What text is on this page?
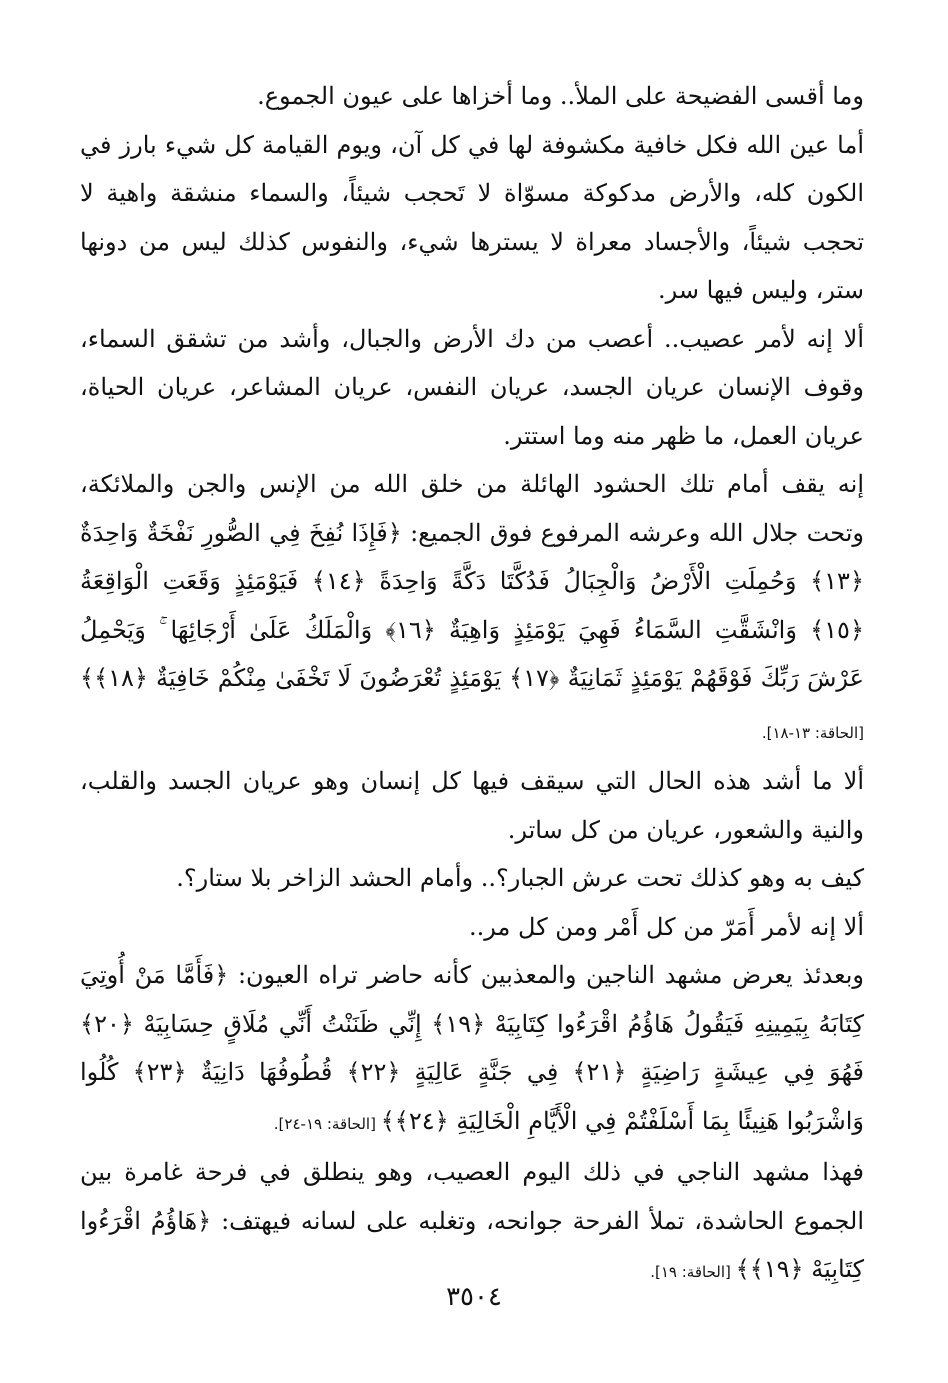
وما أقسى الفضيحة على الملأ.. وما أخزاها على عيون الجموع.

أما عين الله فكل خافية مكشوفة لها في كل آن، ويوم القيامة كل شيء بارز في الكون كله، والأرض مدكوكة مسوّاة لا تَحجب شيئاً، والسماء منشقة واهية لا تحجب شيئاً، والأجساد معراة لا يسترها شيء، والنفوس كذلك ليس من دونها ستر، وليس فيها سر.

ألا إنه لأمر عصيب.. أعصب من دك الأرض والجبال، وأشد من تشقق السماء، وقوف الإنسان عريان الجسد، عريان النفس، عريان المشاعر، عريان الحياة، عريان العمل، ما ظهر منه وما استتر.

إنه يقف أمام تلك الحشود الهائلة من خلق الله من الإنس والجن والملائكة، وتحت جلال الله وعرشه المرفوع فوق الجميع: ﴿فَإِذَا نُفِخَ فِي الصُّورِ نَفْخَةٌ وَاحِدَةٌ ﴿١٣﴾ وَحُمِلَتِ الْأَرْضُ وَالْجِبَالُ فَدُكَّتَا دَكَّةً وَاحِدَةً ﴿١٤﴾ فَيَوْمَئِذٍ وَقَعَتِ الْوَاقِعَةُ ﴿١٥﴾ وَانْشَقَّتِ السَّمَاءُ فَهِيَ يَوْمَئِذٍ وَاهِيَةٌ ﴿١٦﴾ وَالْمَلَكُ عَلَىٰ أَرْجَائِهَا ۚ وَيَحْمِلُ عَرْشَ رَبِّكَ فَوْقَهُمْ يَوْمَئِذٍ ثَمَانِيَةٌ ﴿١٧﴾ يَوْمَئِذٍ تُعْرَضُونَ لَا تَخْفَىٰ مِنْكُمْ خَافِيَةٌ ﴿١٨﴾﴾ [الحاقة: ١٣-١٨].

ألا ما أشد هذه الحال التي سيقف فيها كل إنسان وهو عريان الجسد والقلب، والنية والشعور، عريان من كل ساتر.

كيف به وهو كذلك تحت عرش الجبار؟.. وأمام الحشد الزاخر بلا ستار؟.

ألا إنه لأمر أَمَرّ من كل أَمْر ومن كل مر..

وبعدئذ يعرض مشهد الناجين والمعذبين كأنه حاضر تراه العيون: ﴿فَأَمَّا مَنْ أُوتِيَ كِتَابَهُ بِيَمِينِهِ فَيَقُولُ هَاؤُمُ اقْرَءُوا كِتَابِيَهْ ﴿١٩﴾ إِنِّي ظَنَنْتُ أَنِّي مُلَاقٍ حِسَابِيَهْ ﴿٢٠﴾ فَهُوَ فِي عِيشَةٍ رَاضِيَةٍ ﴿٢١﴾ فِي جَنَّةٍ عَالِيَةٍ ﴿٢٢﴾ قُطُوفُهَا دَانِيَةٌ ﴿٢٣﴾ كُلُوا وَاشْرَبُوا هَنِيئًا بِمَا أَسْلَفْتُمْ فِي الْأَيَّامِ الْخَالِيَةِ ﴿٢٤﴾﴾ [الحاقة: ١٩-٢٤].

فهذا مشهد الناجي في ذلك اليوم العصيب، وهو ينطلق في فرحة غامرة بين الجموع الحاشدة، تملأ الفرحة جوانحه، وتغلبه على لسانه فيهتف: ﴿هَاؤُمُ اقْرَءُوا كِتَابِيَهْ ﴿١٩﴾﴾ [الحاقة: ١٩].

٣٥٠٤
